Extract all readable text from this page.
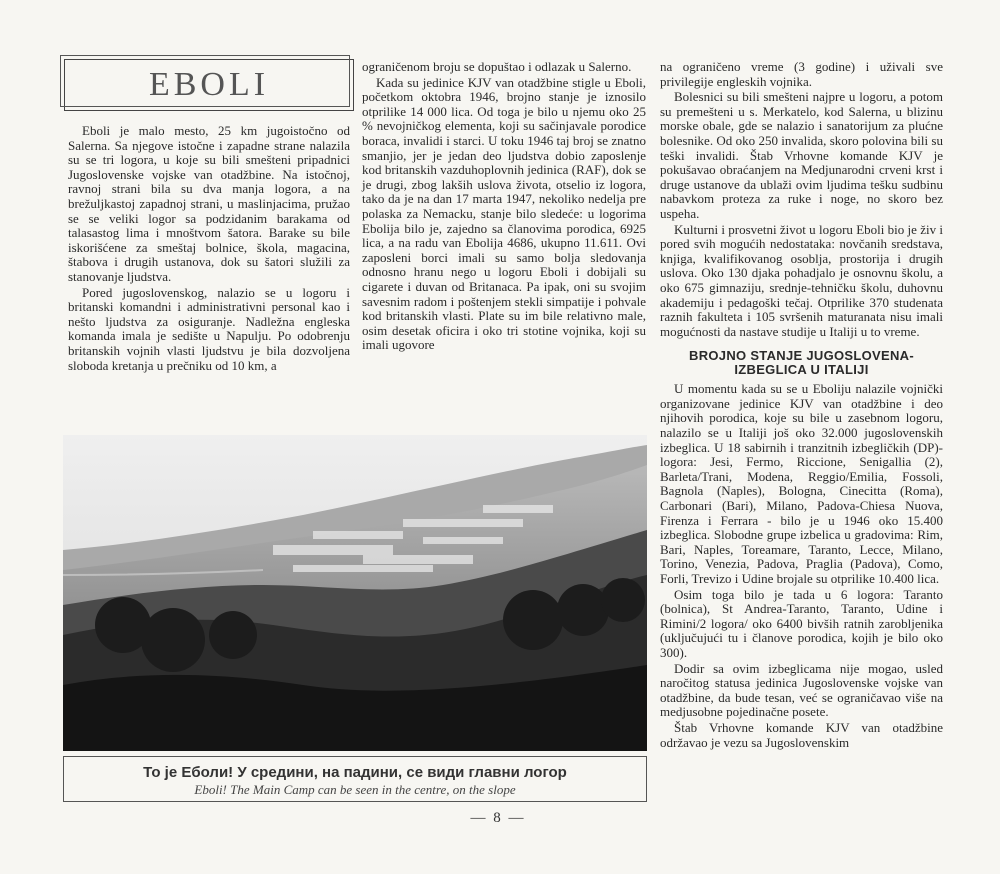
EBOLI

Eboli je malo mesto, 25 km jugoistočno od Salerna. Sa njegove istočne i zapadne strane nalazila su se tri logora, u koje su bili smešteni pripadnici Jugoslovenske vojske van otadžbine. Na istočnoj, ravnoj strani bila su dva manja logora, a na brežuljkastoj zapadnoj strani, u maslinjacima, pružao se se veliki logor sa podzidanim barakama od talasastog lima i mnoštvom šatora. Barake su bile iskorišćene za smeštaj bolnice, škola, magacina, štabova i drugih ustanova, dok su šatori služili za stanovanje ljudstva.

Pored jugoslovenskog, nalazio se u logoru i britanski komandni i administrativni personal kao i nešto ljudstva za osiguranje. Nadležna engleska komanda imala je sedište u Napulju. Po odobrenju britanskih vojnih vlasti ljudstvu je bila dozvoljena sloboda kretanja u prečniku od 10 km, a

ograničenom broju se dopuštao i odlazak u Salerno.

Kada su jedinice KJV van otadžbine stigle u Eboli, početkom oktobra 1946, brojno stanje je iznosilo otprilike 14 000 lica. Od toga je bilo u njemu oko 25 % nevojničkog elementa, koji su sačinjavale porodice boraca, invalidi i starci. U toku 1946 taj broj se znatno smanjio, jer je jedan deo ljudstva dobio zaposlenje kod britanskih vazduhoplovnih jedinica (RAF), dok se je drugi, zbog lakših uslova života, otselio iz logora, tako da je na dan 17 marta 1947, nekoliko nedelja pre polaska za Nemacku, stanje bilo sledeće: u logorima Ebolija bilo je, zajedno sa članovima porodica, 6925 lica, a na radu van Ebolija 4686, ukupno 11.611. Ovi zaposleni borci imali su samo bolja sledovanja odnosno hranu nego u logoru Eboli i dobijali su cigarete i duvan od Britanaca. Pa ipak, oni su svojim savesnim radom i poštenjem stekli simpatije i pohvale kod britanskih vlasti. Plate su im bile relativno male, osim desetak oficira i oko tri stotine vojnika, koji su imali ugovore

na ograničeno vreme (3 godine) i uživali sve privilegije engleskih vojnika.

Bolesnici su bili smešteni najpre u logoru, a potom su premešteni u s. Merkatelo, kod Salerna, u blizinu morske obale, gde se nalazio i sanatorijum za plućne bolesnike. Od oko 250 invalida, skoro polovina bili su teški invalidi. Štab Vrhovne komande KJV je pokušavao obraćanjem na Medjunarodni crveni krst i druge ustanove da ublaži ovim ljudima tešku sudbinu nabavkom proteza za ruke i noge, no skoro bez uspeha.

Kulturni i prosvetni život u logoru Eboli bio je živ i pored svih mogućih nedostataka: novčanih sredstava, knjiga, kvalifikovanog osoblja, prostorija i drugih uslova. Oko 130 djaka pohadjalo je osnovnu školu, a oko 675 gimnaziju, srednje-tehničku školu, duhovnu akademiju i pedagoški tečaj. Otprilike 370 studenata raznih fakulteta i 105 svršenih maturanata nisu imali mogućnosti da nastave studije u Italiji u to vreme.

BROJNO STANJE JUGOSLOVENA-IZBEGLICA U ITALIJI

U momentu kada su se u Eboliju nalazile vojnički organizovane jedinice KJV van otadžbine i deo njihovih porodica, koje su bile u zasebnom logoru, nalazilo se u Italiji još oko 32.000 jugoslovenskih izbeglica. U 18 sabirnih i tranzitnih izbegličkih (DP)-logora: Jesi, Fermo, Riccione, Senigallia (2), Barleta/Trani, Modena, Reggio/Emilia, Fossoli, Bagnola (Naples), Bologna, Cinecitta (Roma), Carbonari (Bari), Milano, Padova-Chiesa Nuova, Firenza i Ferrara - bilo je u 1946 oko 15.400 izbeglica. Slobodne grupe izbelica u gradovima: Rim, Bari, Naples, Toreamare, Taranto, Lecce, Milano, Torino, Venezia, Padova, Praglia (Padova), Como, Forli, Trevizo i Udine brojale su otprilike 10.400 lica.

Osim toga bilo je tada u 6 logora: Taranto (bolnica), St Andrea-Taranto, Taranto, Udine i Rimini/2 logora/ oko 6400 bivših ratnih zarobljenika (uključujući tu i članove porodica, kojih je bilo oko 300).

Dodir sa ovim izbeglicama nije mogao, usled naročitog statusa jedinica Jugoslovenske vojske van otadžbine, da bude tesan, već se ograničavao više na medjusobne pojedinačne posete.

Štab Vrhovne komande KJV van otadžbine održavao je vezu sa Jugoslovenskim

То је Еболи! У средини, на падини, се види главни логор
Eboli! The Main Camp can be seen in the centre, on the slope
— 8 —
